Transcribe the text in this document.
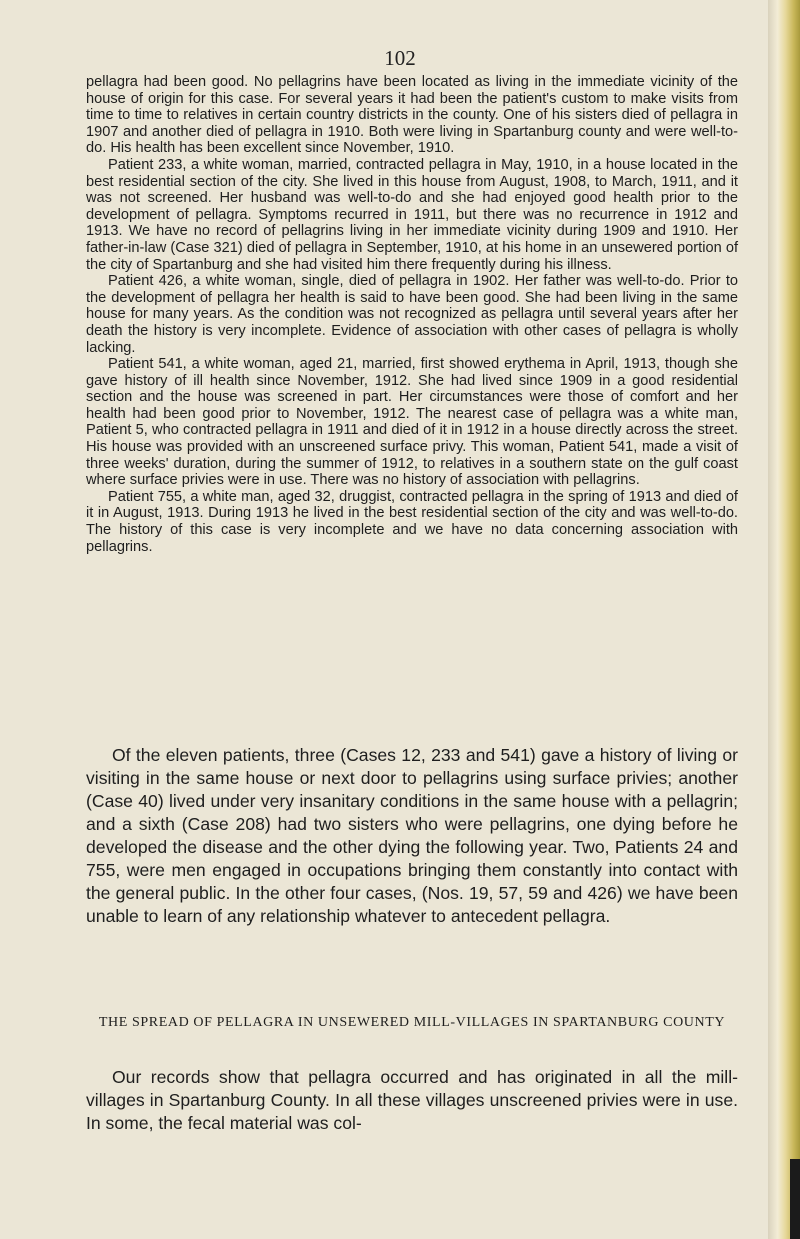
102

pellagra had been good. No pellagrins have been located as living in the immediate vicinity of the house of origin for this case. For several years it had been the patient's custom to make visits from time to time to relatives in certain country districts in the county. One of his sisters died of pellagra in 1907 and another died of pellagra in 1910. Both were living in Spartanburg county and were well-to-do. His health has been excellent since November, 1910.

Patient 233, a white woman, married, contracted pellagra in May, 1910, in a house located in the best residential section of the city. She lived in this house from August, 1908, to March, 1911, and it was not screened. Her husband was well-to-do and she had enjoyed good health prior to the development of pellagra. Symptoms recurred in 1911, but there was no recurrence in 1912 and 1913. We have no record of pellagrins living in her immediate vicinity during 1909 and 1910. Her father-in-law (Case 321) died of pellagra in September, 1910, at his home in an unsewered portion of the city of Spartanburg and she had visited him there frequently during his illness.

Patient 426, a white woman, single, died of pellagra in 1902. Her father was well-to-do. Prior to the development of pellagra her health is said to have been good. She had been living in the same house for many years. As the condition was not recognized as pellagra until several years after her death the history is very incomplete. Evidence of association with other cases of pellagra is wholly lacking.

Patient 541, a white woman, aged 21, married, first showed erythema in April, 1913, though she gave history of ill health since November, 1912. She had lived since 1909 in a good residential section and the house was screened in part. Her circumstances were those of comfort and her health had been good prior to November, 1912. The nearest case of pellagra was a white man, Patient 5, who contracted pellagra in 1911 and died of it in 1912 in a house directly across the street. His house was provided with an unscreened surface privy. This woman, Patient 541, made a visit of three weeks' duration, during the summer of 1912, to relatives in a southern state on the gulf coast where surface privies were in use. There was no history of association with pellagrins.

Patient 755, a white man, aged 32, druggist, contracted pellagra in the spring of 1913 and died of it in August, 1913. During 1913 he lived in the best residential section of the city and was well-to-do. The history of this case is very incomplete and we have no data concerning association with pellagrins.

Of the eleven patients, three (Cases 12, 233 and 541) gave a history of living or visiting in the same house or next door to pellagrins using surface privies; another (Case 40) lived under very insanitary conditions in the same house with a pellagrin; and a sixth (Case 208) had two sisters who were pellagrins, one dying before he developed the disease and the other dying the following year. Two, Patients 24 and 755, were men engaged in occupations bringing them constantly into contact with the general public. In the other four cases, (Nos. 19, 57, 59 and 426) we have been unable to learn of any relationship whatever to antecedent pellagra.

THE SPREAD OF PELLAGRA IN UNSEWERED MILL-VILLAGES IN SPARTANBURG COUNTY

Our records show that pellagra occurred and has originated in all the mill-villages in Spartanburg County. In all these villages unscreened privies were in use. In some, the fecal material was col-
